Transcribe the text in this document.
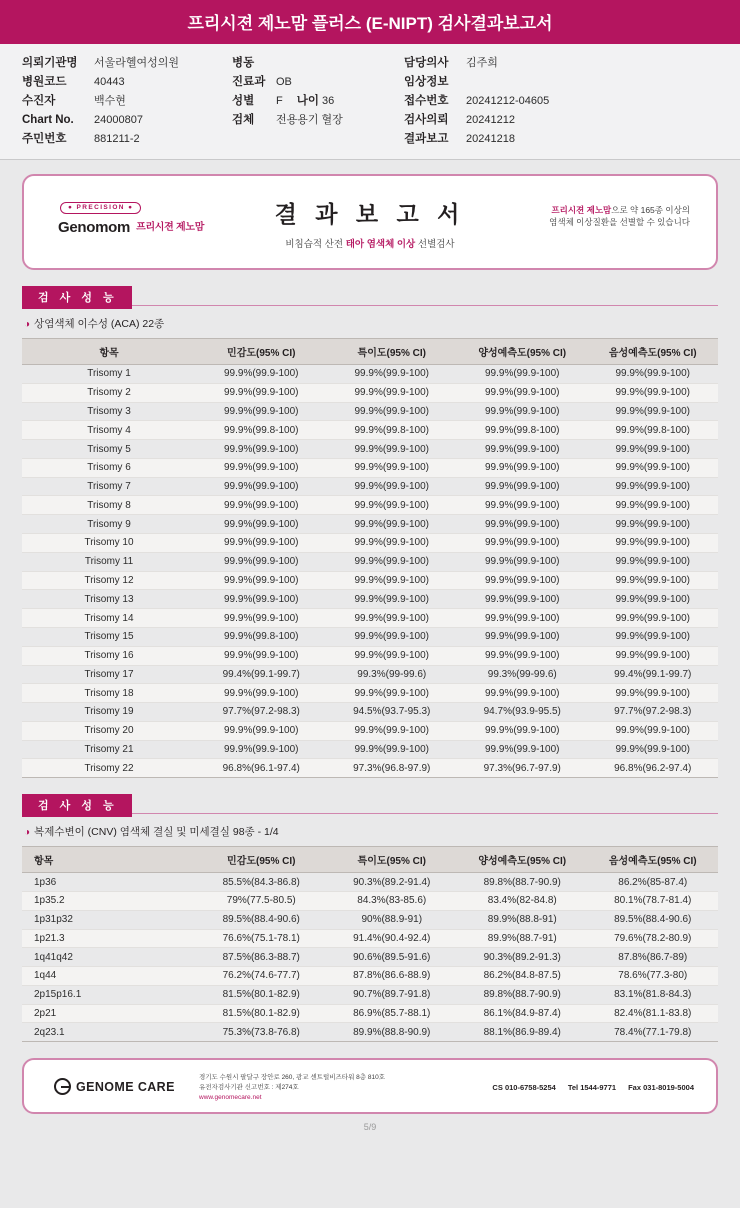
프리시젼 제노맘 플러스 (E-NIPT) 검사결과보고서
의뢰기관명 서울라헬여성의원
병원코드	40443
수진자	백수현
Chart No. 24000807
주민번호	881211-2
병동
진료과 OB
성별 F 나이 36
검체 전용용기 혈장
담당의사 김주희
임상정보
접수번호 20241212-04605
검사의뢰 20241212
결과보고 20241218
● PRECISION ●
Genomom 프리시젼 제노맘	결 과 보 고 서
비침습적 산전 태아 염색체 이상 선별검사
프리시젼 제노맘으로 약 165종 이상의
염색체 이상질환을 선별할 수 있습니다
검 사 성 능
◑ 상염색체 이수성 (ACA) 22종
항목	민감도(95% CI)	특이도(95% CI)	양성예측도(95% CI)	음성예측도(95% CI)
Trisomy 1	99.9%(99.9-100)	99.9%(99.9-100)	99.9%(99.9-100)	99.9%(99.9-100)
Trisomy 2	99.9%(99.9-100)	99.9%(99.9-100)	99.9%(99.9-100)	99.9%(99.9-100)
Trisomy 3	99.9%(99.9-100)	99.9%(99.9-100)	99.9%(99.9-100)	99.9%(99.9-100)
Trisomy 4	99.9%(99.8-100)	99.9%(99.8-100)	99.9%(99.8-100)	99.9%(99.8-100)
Trisomy 5	99.9%(99.9-100)	99.9%(99.9-100)	99.9%(99.9-100)	99.9%(99.9-100)
Trisomy 6	99.9%(99.9-100)	99.9%(99.9-100)	99.9%(99.9-100)	99.9%(99.9-100)
Trisomy 7	99.9%(99.9-100)	99.9%(99.9-100)	99.9%(99.9-100)	99.9%(99.9-100)
Trisomy 8	99.9%(99.9-100)	99.9%(99.9-100)	99.9%(99.9-100)	99.9%(99.9-100)
Trisomy 9	99.9%(99.9-100)	99.9%(99.9-100)	99.9%(99.9-100)	99.9%(99.9-100)
Trisomy 10	99.9%(99.9-100)	99.9%(99.9-100)	99.9%(99.9-100)	99.9%(99.9-100)
Trisomy 11	99.9%(99.9-100)	99.9%(99.9-100)	99.9%(99.9-100)	99.9%(99.9-100)
Trisomy 12	99.9%(99.9-100)	99.9%(99.9-100)	99.9%(99.9-100)	99.9%(99.9-100)
Trisomy 13	99.9%(99.9-100)	99.9%(99.9-100)	99.9%(99.9-100)	99.9%(99.9-100)
Trisomy 14	99.9%(99.9-100)	99.9%(99.9-100)	99.9%(99.9-100)	99.9%(99.9-100)
Trisomy 15	99.9%(99.8-100)	99.9%(99.9-100)	99.9%(99.9-100)	99.9%(99.9-100)
Trisomy 16	99.9%(99.9-100)	99.9%(99.9-100)	99.9%(99.9-100)	99.9%(99.9-100)
Trisomy 17	99.4%(99.1-99.7)	99.3%(99-99.6)	99.3%(99-99.6)	99.4%(99.1-99.7)
Trisomy 18	99.9%(99.9-100)	99.9%(99.9-100)	99.9%(99.9-100)	99.9%(99.9-100)
Trisomy 19	97.7%(97.2-98.3)	94.5%(93.7-95.3)	94.7%(93.9-95.5)	97.7%(97.2-98.3)
Trisomy 20	99.9%(99.9-100)	99.9%(99.9-100)	99.9%(99.9-100)	99.9%(99.9-100)
Trisomy 21	99.9%(99.9-100)	99.9%(99.9-100)	99.9%(99.9-100)	99.9%(99.9-100)
Trisomy 22	96.8%(96.1-97.4)	97.3%(96.8-97.9)	97.3%(96.7-97.9)	96.8%(96.2-97.4)
검 사 성 능
◑ 복제수변이 (CNV) 염색체 결실 및 미세결실 98종 - 1/4
항목	민감도(95% CI)	특이도(95% CI)	양성예측도(95% CI)	음성예측도(95% CI)
1p36	85.5%(84.3-86.8)	90.3%(89.2-91.4)	89.8%(88.7-90.9)	86.2%(85-87.4)
1p35.2	79%(77.5-80.5)	84.3%(83-85.6)	83.4%(82-84.8)	80.1%(78.7-81.4)
1p31p32	89.5%(88.4-90.6)	90%(88.9-91)	89.9%(88.8-91)	89.5%(88.4-90.6)
1p21.3	76.6%(75.1-78.1)	91.4%(90.4-92.4)	89.9%(88.7-91)	79.6%(78.2-80.9)
1q41q42	87.5%(86.3-88.7)	90.6%(89.5-91.6)	90.3%(89.2-91.3)	87.8%(86.7-89)
1q44	76.2%(74.6-77.7)	87.8%(86.6-88.9)	86.2%(84.8-87.5)	78.6%(77.3-80)
2p15p16.1	81.5%(80.1-82.9)	90.7%(89.7-91.8)	89.8%(88.7-90.9)	83.1%(81.8-84.3)
2p21	81.5%(80.1-82.9)	86.9%(85.7-88.1)	86.1%(84.9-87.4)	82.4%(81.1-83.8)
2q23.1	75.3%(73.8-76.8)	89.9%(88.8-90.9)	88.1%(86.9-89.4)	78.4%(77.1-79.8)
GENOME CARE
경기도 수원시 팔달구 장안로 260, 광교 센트럴비즈타워 8층 810호
유전자검사기관 신고번호 : 제274호
www.genomecare.net
CS 010-6758-5254 Tel 1544-9771 Fax 031-8019-5004
5/9
